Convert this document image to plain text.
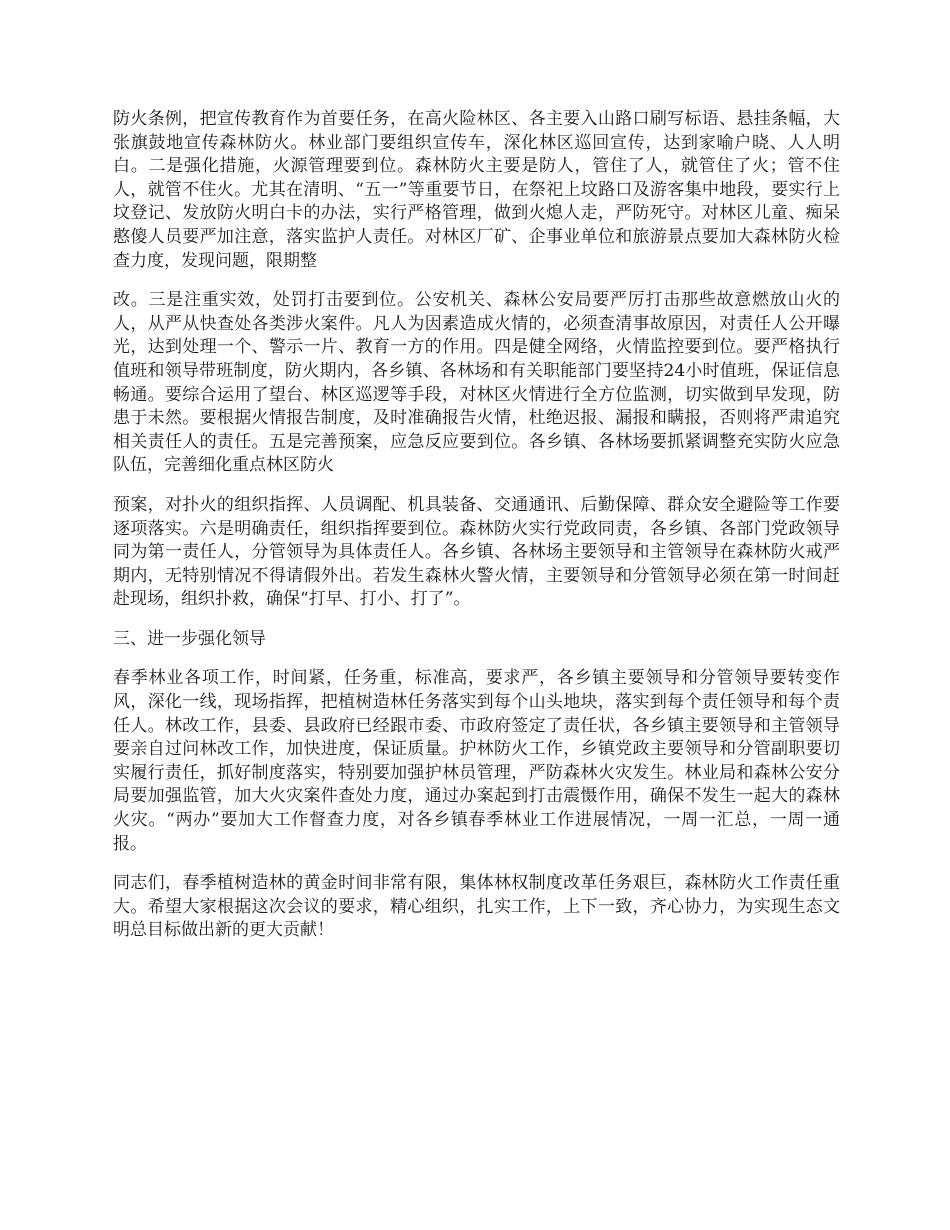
防火条例，把宣传教育作为首要任务，在高火险林区、各主要入山路口刷写标语、悬挂条幅，大张旗鼓地宣传森林防火。林业部门要组织宣传车，深化林区巡回宣传，达到家喻户晓、人人明白。二是强化措施，火源管理要到位。森林防火主要是防人，管住了人，就管住了火；管不住人，就管不住火。尤其在清明、“五一”等重要节日，在祭祀上坟路口及游客集中地段，要实行上坟登记、发放防火明白卡的办法，实行严格管理，做到火熄人走，严防死守。对林区儿童、痴呆憨傻人员要严加注意，落实监护人责任。对林区厂矿、企事业单位和旅游景点要加大森林防火检查力度，发现问题，限期整

改。三是注重实效，处罚打击要到位。公安机关、森林公安局要严厉打击那些故意燃放山火的人，从严从快查处各类涉火案件。凡人为因素造成火情的，必须查清事故原因，对责任人公开曝光，达到处理一个、警示一片、教育一方的作用。四是健全网络，火情监控要到位。要严格执行值班和领导带班制度，防火期内，各乡镇、各林场和有关职能部门要坚持24小时值班，保证信息畅通。要综合运用了望台、林区巡逻等手段，对林区火情进行全方位监测，切实做到早发现，防患于未然。要根据火情报告制度，及时准确报告火情，杜绝迟报、漏报和瞒报，否则将严肃追究相关责任人的责任。五是完善预案，应急反应要到位。各乡镇、各林场要抓紧调整充实防火应急队伍，完善细化重点林区防火

预案，对扑火的组织指挥、人员调配、机具装备、交通通讯、后勤保障、群众安全避险等工作要逐项落实。六是明确责任，组织指挥要到位。森林防火实行党政同责，各乡镇、各部门党政领导同为第一责任人，分管领导为具体责任人。各乡镇、各林场主要领导和主管领导在森林防火戒严期内，无特别情况不得请假外出。若发生森林火警火情，主要领导和分管领导必须在第一时间赶赴现场，组织扑救，确保“打早、打小、打了”。

三、进一步强化领导

春季林业各项工作，时间紧，任务重，标准高，要求严，各乡镇主要领导和分管领导要转变作风，深化一线，现场指挥，把植树造林任务落实到每个山头地块，落实到每个责任领导和每个责任人。林改工作，县委、县政府已经跟市委、市政府签定了责任状，各乡镇主要领导和主管领导要亲自过问林改工作，加快进度，保证质量。护林防火工作，乡镇党政主要领导和分管副职要切实履行责任，抓好制度落实，特别要加强护林员管理，严防森林火灾发生。林业局和森林公安分局要加强监管，加大火灾案件查处力度，通过办案起到打击震慑作用，确保不发生一起大的森林火灾。“两办”要加大工作督查力度，对各乡镇春季林业工作进展情况，一周一汇总，一周一通报。

同志们，春季植树造林的黄金时间非常有限，集体林权制度改革任务艰巨，森林防火工作责任重大。希望大家根据这次会议的要求，精心组织，扎实工作，上下一致，齐心协力，为实现生态文明总目标做出新的更大贡献！
